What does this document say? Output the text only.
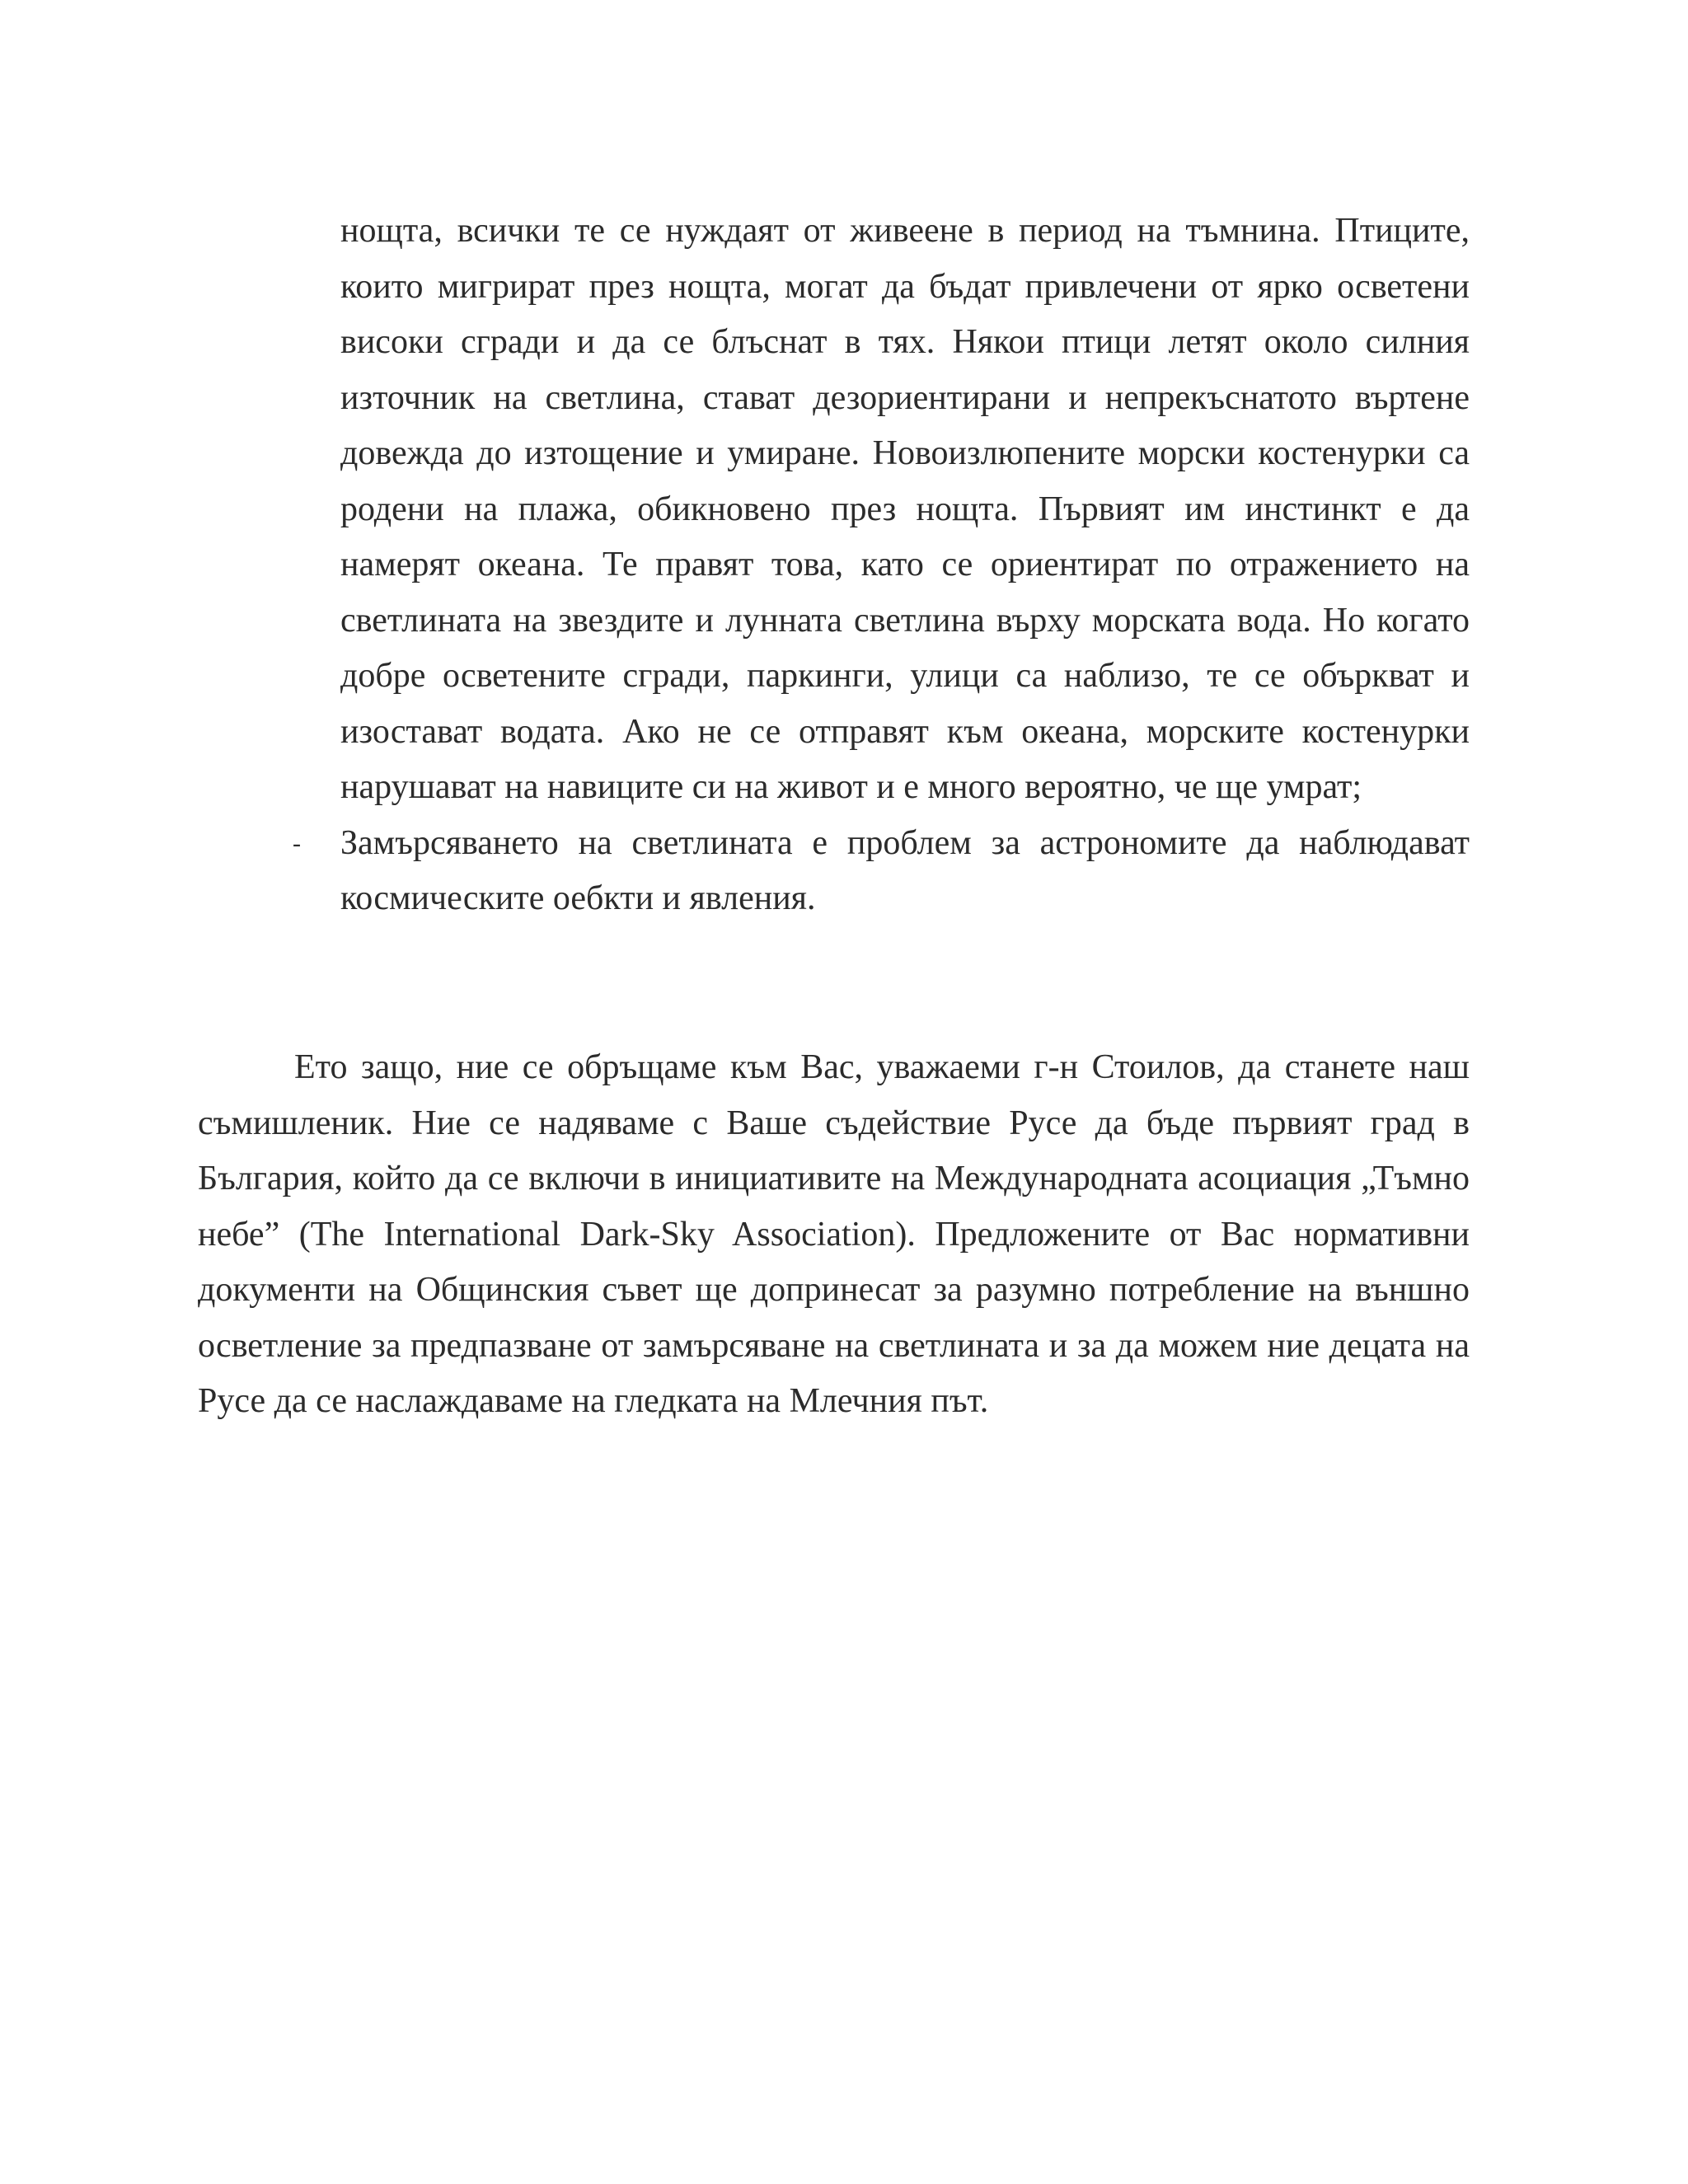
нощта, всички те се нуждаят от живеене в период на тъмнина. Птиците, които мигрират през нощта, могат да бъдат привлечени от ярко осветени високи сгради и да се блъснат в тях. Някои птици летят около силния източник на светлина, стават дезориентирани и непрекъснатото въртене довежда до изтощение и умиране. Новоизлюпените морски костенурки са родени на плажа, обикновено през нощта. Първият им инстинкт е да намерят океана. Те правят това, като се ориентират по отражението на светлината на звездите и лунната светлина върху морската вода. Но когато добре осветените сгради, паркинги, улици са наблизо, те се объркват и изостават водата. Ако не се отправят към океана, морските костенурки нарушават на навиците си на живот и е много вероятно, че ще умрат;

-	Замърсяването на светлината е проблем за астрономите да наблюдават космическите оебкти и явления.

Ето защо, ние се обръщаме към Вас, уважаеми г-н Стоилов, да станете наш съмишленик. Ние се надяваме с Ваше съдействие Русе да бъде първият град в България, който да се включи в инициативите на Международната асоциация „Тъмно небе” (The International Dark-Sky Association). Предложените от Вас нормативни документи на Общинския съвет ще допринесат за разумно потребление на външно осветление за предпазване от замърсяване на светлината и за да можем ние децата на Русе да се наслаждаваме на гледката на Млечния път.
